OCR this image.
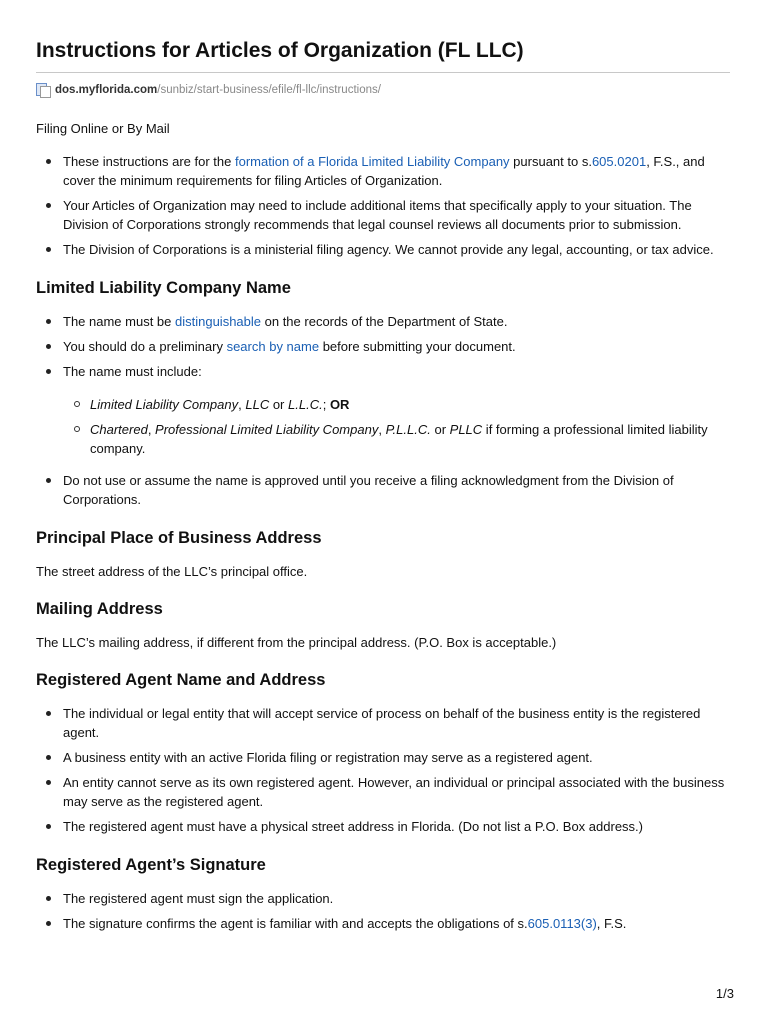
Instructions for Articles of Organization (FL LLC)
dos.myflorida.com /sunbiz/start-business/efile/fl-llc/instructions/

Filing Online or By Mail

These instructions are for the formation of a Florida Limited Liability Company pursuant to s.605.0201, F.S., and cover the minimum requirements for filing Articles of Organization.
Your Articles of Organization may need to include additional items that specifically apply to your situation. The Division of Corporations strongly recommends that legal counsel reviews all documents prior to submission.
The Division of Corporations is a ministerial filing agency. We cannot provide any legal, accounting, or tax advice.
Limited Liability Company Name
The name must be distinguishable on the records of the Department of State.
You should do a preliminary search by name before submitting your document.
The name must include:
Limited Liability Company, LLC or L.L.C.; OR
Chartered, Professional Limited Liability Company, P.L.L.C. or PLLC if forming a professional limited liability company.
Do not use or assume the name is approved until you receive a filing acknowledgment from the Division of Corporations.
Principal Place of Business Address

The street address of the LLC’s principal office.

Mailing Address

The LLC’s mailing address, if different from the principal address. (P.O. Box is acceptable.)

Registered Agent Name and Address
The individual or legal entity that will accept service of process on behalf of the business entity is the registered agent.
A business entity with an active Florida filing or registration may serve as a registered agent.
An entity cannot serve as its own registered agent. However, an individual or principal associated with the business may serve as the registered agent.
The registered agent must have a physical street address in Florida. (Do not list a P.O. Box address.)
Registered Agent’s Signature
The registered agent must sign the application.
The signature confirms the agent is familiar with and accepts the obligations of s.605.0113(3), F.S.
1/3
